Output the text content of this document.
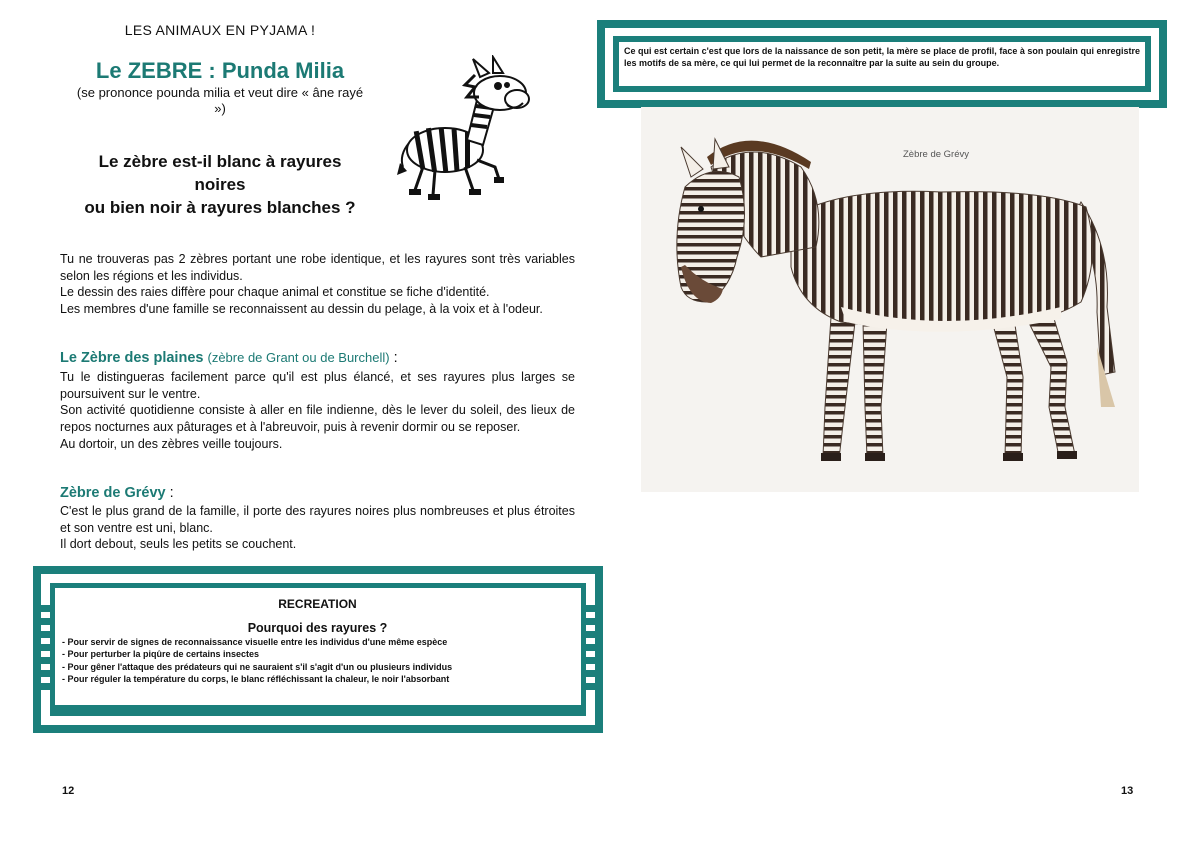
LES ANIMAUX EN PYJAMA !
Le ZEBRE : Punda Milia
(se prononce pounda milia et veut dire « âne rayé »)
Le zèbre est-il blanc à rayures
noires
ou bien noir à rayures blanches ?

Tu ne trouveras pas 2 zèbres portant une robe identique, et les rayures sont très variables selon les régions et les individus.

Le dessin des raies diffère pour chaque animal et constitue se fiche d'identité.

Les membres d'une famille se reconnaissent au dessin du pelage, à la voix et à l'odeur.

Le Zèbre des plaines (zèbre de Grant ou de Burchell) :

Tu le distingueras facilement parce qu'il est plus élancé, et ses rayures plus larges se poursuivent sur le ventre.

Son activité quotidienne consiste à aller en file indienne, dès le lever du soleil, des lieux de repos nocturnes aux pâturages et à l'abreuvoir, puis à revenir dormir ou se reposer.

Au dortoir, un des zèbres veille toujours.

Zèbre de Grévy :

C'est le plus grand de la famille, il porte des rayures noires plus nombreuses et plus étroites et son ventre est uni, blanc.

Il dort debout, seuls les petits se couchent.

RECREATION
Pourquoi des rayures ?
- Pour servir de signes de reconnaissance visuelle entre les individus d'une même espèce
- Pour perturber la piqûre de certains insectes
- Pour gêner l'attaque des prédateurs qui ne sauraient s'il s'agit d'un ou plusieurs individus
- Pour réguler la température du corps, le blanc réfléchissant la chaleur, le noir l'absorbant
12
Ce qui est certain c'est que lors de la naissance de son petit, la mère se place de profil, face à son poulain qui enregistre les motifs de sa mère, ce qui lui permet de la reconnaître par la suite au sein du groupe.
Zèbre de Grévy
13
